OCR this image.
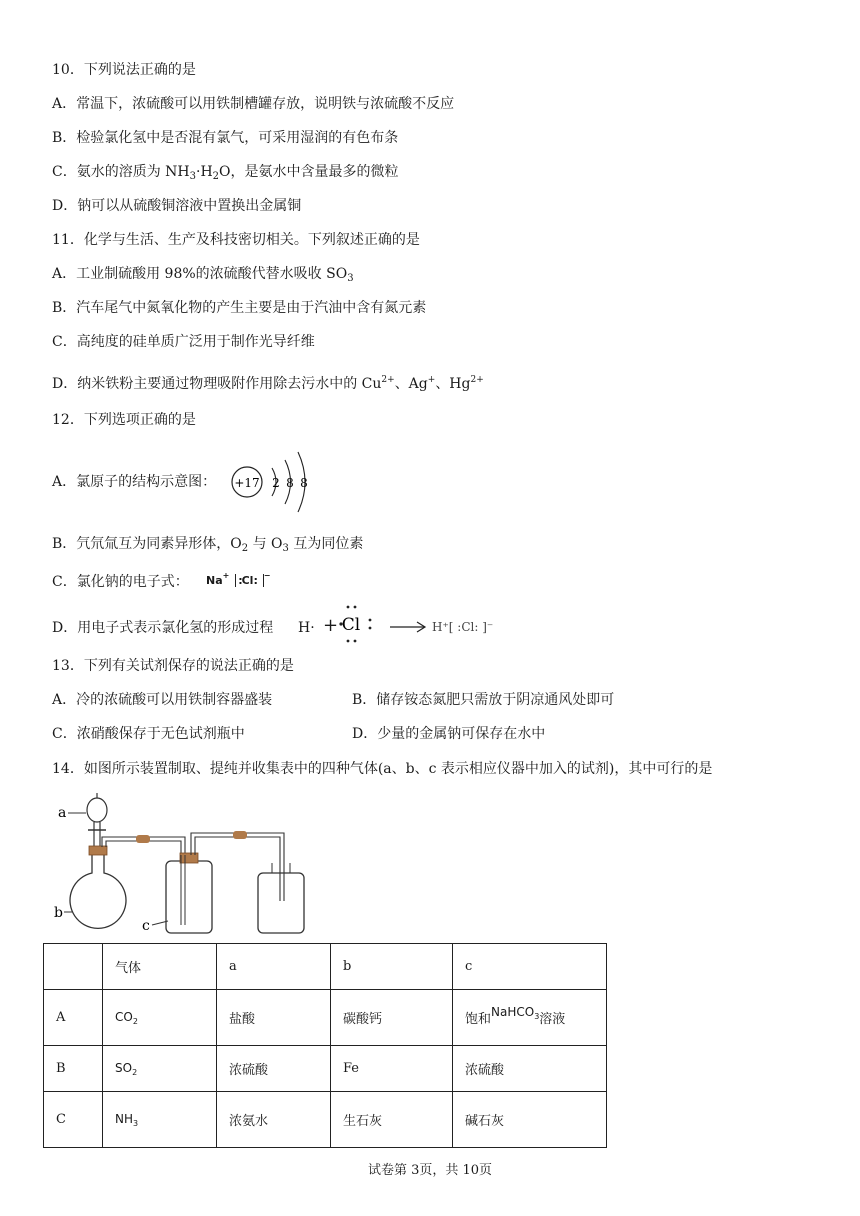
10．下列说法正确的是
A．常温下，浓硫酸可以用铁制槽罐存放，说明铁与浓硫酸不反应
B．检验氯化氢中是否混有氯气，可采用湿润的有色布条
C．氨水的溶质为 $NH_3\cdot H_2O$，是氨水中含量最多的微粒
D．钠可以从硫酸铜溶液中置换出金属铜
11．化学与生活、生产及科技密切相关。下列叙述正确的是
A．工业制硫酸用 98%的浓硫酸代替水吸收 $SO_3$
B．汽车尾气中氮氧化物的产生主要是由于汽油中含有氮元素
C．高纯度的硅单质广泛用于制作光导纤维
D．纳米铁粉主要通过物理吸附作用除去污水中的 $Cu^{2+}$、Ag+、$Hg^{2+}$
12．下列选项正确的是
A．氯原子的结构示意图： +17 2 8 8
B．氕氘氚互为同素异形体，$O_2$ 与 $O_3$ 互为同位素
C．氯化钠的电子式： Na+ :Cl: −
D．用电子式表示氯化氢的形成过程 H· + Cl → H⁺[ :Cl: ]⁻
13．下列有关试剂保存的说法正确的是
A．冷的浓硫酸可以用铁制容器盛装	B．储存铵态氮肥只需放于阴凉通风处即可
C．浓硝酸保存于无色试剂瓶中	D．少量的金属钠可保存在水中
14．如图所示装置制取、提纯并收集表中的四种气体(a、b、c 表示相应仪器中加入的试剂)，其中可行的是
a
b
c
	气体	a	b	c
A	$CO_2$	盐酸	碳酸钙	饱和NaHCO$_3$溶液
B	$SO_2$	浓硫酸	Fe	浓硫酸
C	$NH_3$	浓氨水	生石灰	碱石灰
试卷第 3页，共 10页
